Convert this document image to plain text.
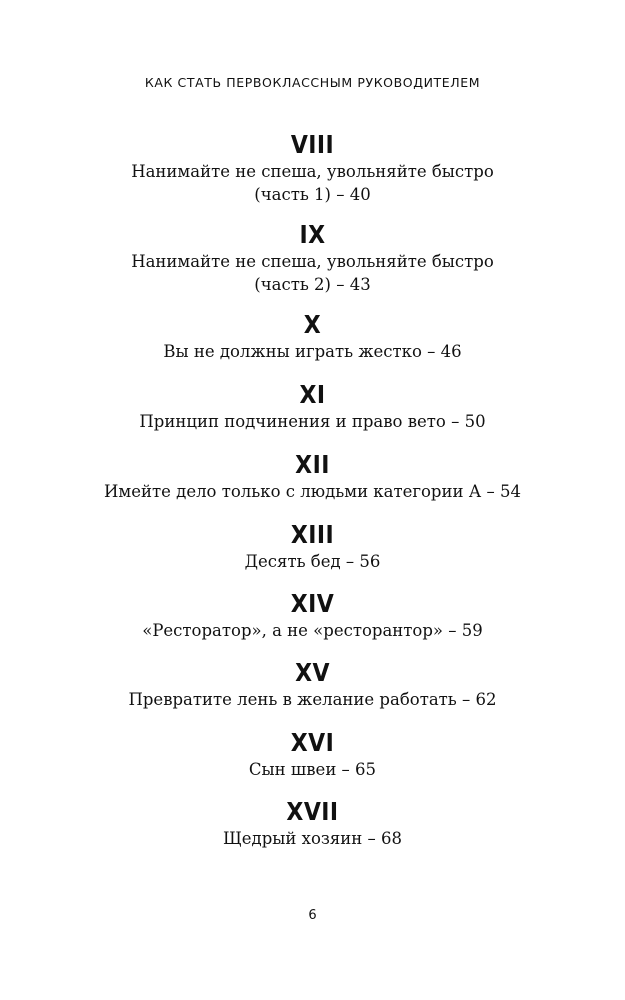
КАК СТАТЬ ПЕРВОКЛАССНЫМ РУКОВОДИТЕЛЕМ
VIII
Нанимайте не спеша, увольняйте быстро
(часть 1) – 40
IX
Нанимайте не спеша, увольняйте быстро
(часть 2) – 43
X
Вы не должны играть жестко – 46
XI
Принцип подчинения и право вето – 50
XII
Имейте дело только с людьми категории А – 54
XIII
Десять бед – 56
XIV
«Ресторатор», а не «ресторантор» – 59
XV
Превратите лень в желание работать – 62
XVI
Сын швеи – 65
XVII
Щедрый хозяин – 68
6
